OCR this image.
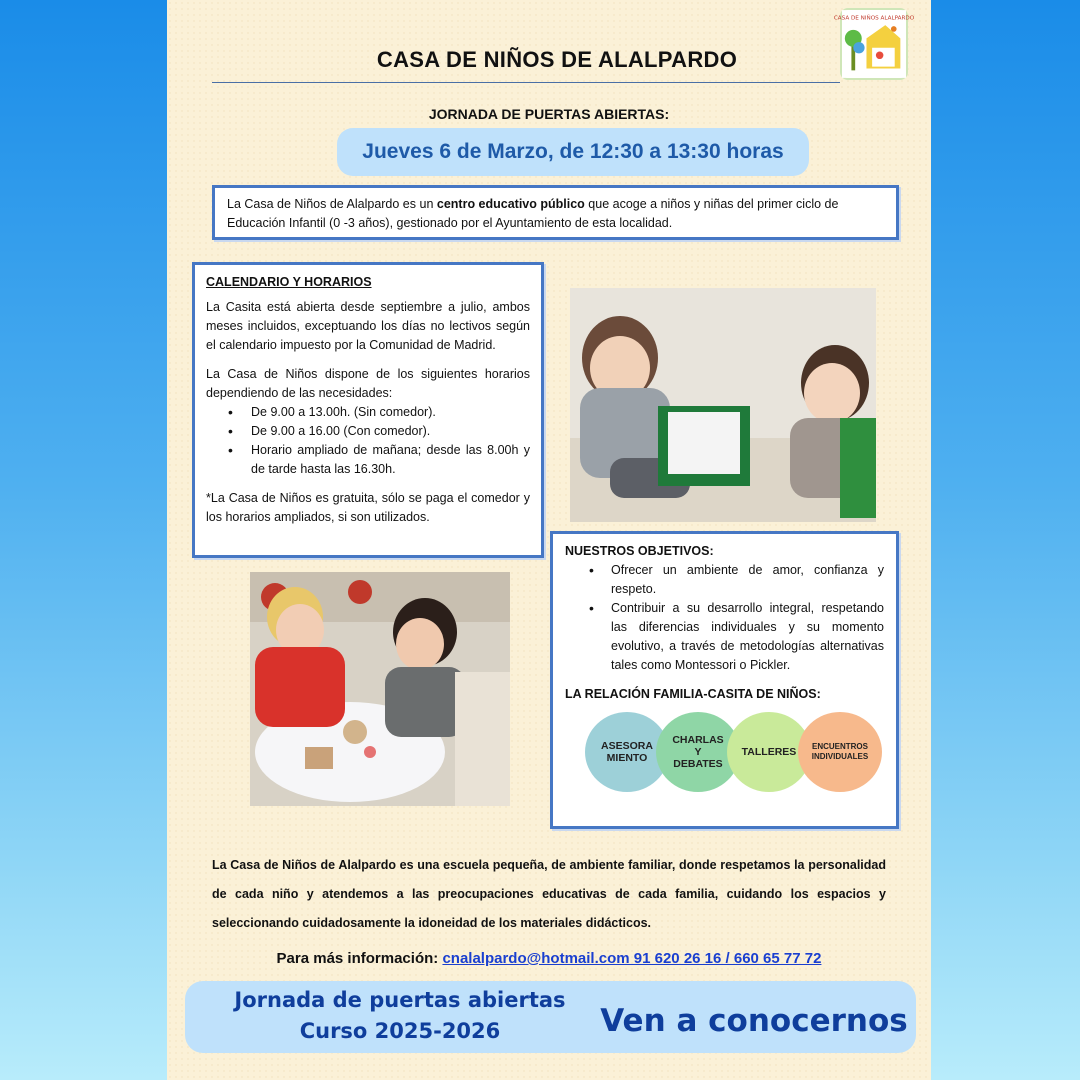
CASA DE NIÑOS ALALPARDO
CASA DE NIÑOS DE ALALPARDO
JORNADA DE PUERTAS ABIERTAS:
Jueves 6 de Marzo, de 12:30 a 13:30 horas
La Casa de Niños de Alalpardo es un centro educativo público que acoge a niños y niñas del primer ciclo de Educación Infantil (0 -3 años), gestionado por el Ayuntamiento de esta localidad.
CALENDARIO Y HORARIOS
La Casita está abierta desde septiembre a julio, ambos meses incluidos, exceptuando los días no lectivos según el calendario impuesto por la Comunidad de Madrid.
La Casa de Niños dispone de los siguientes horarios dependiendo de las necesidades:
• De 9.00 a 13.00h. (Sin comedor).
• De 9.00 a 16.00 (Con comedor).
• Horario ampliado de mañana; desde las 8.00h y de tarde hasta las 16.30h.
*La Casa de Niños es gratuita, sólo se paga el comedor y los horarios ampliados, si son utilizados.
NUESTROS OBJETIVOS:
• Ofrecer un ambiente de amor, confianza y respeto.
• Contribuir a su desarrollo integral, respetando las diferencias individuales y su momento evolutivo, a través de metodologías alternativas tales como Montessori o Pickler.
LA RELACIÓN FAMILIA-CASITA DE NIÑOS:
ASESORA
MIENTO
CHARLAS
Y
DEBATES
TALLERES ENCUENTROS
INDIVIDUALES
La Casa de Niños de Alalpardo es una escuela pequeña, de ambiente familiar, donde respetamos la personalidad de cada niño y atendemos a las preocupaciones educativas de cada familia, cuidando los espacios y seleccionando cuidadosamente la idoneidad de los materiales didácticos.
Para más información: cnalalpardo@hotmail.com 91 620 26 16 / 660 65 77 72
Jornada de puertas abiertas
Curso 2025-2026	Ven a conocernos
